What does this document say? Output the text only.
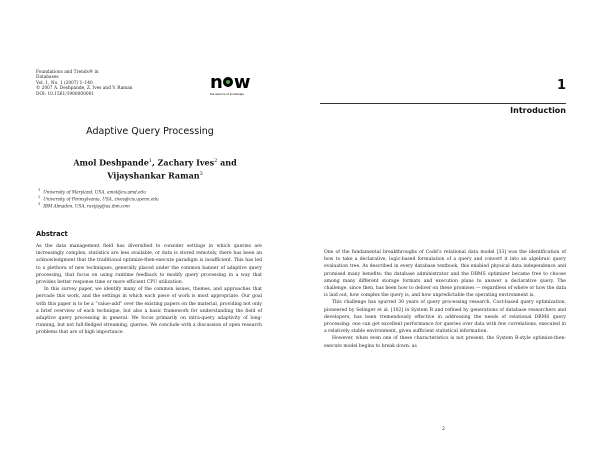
Foundations and Trends® in
Databases
Vol. 1, No. 1 (2007) 1–140
© 2007 A. Deshpande, Z. Ives and V. Raman
DOI: 10.1561/1900000001
n w
the essence of knowledge
Adaptive Query Processing
Amol Deshpande$^1$, Zachary Ives$^2$ and
Vijayshankar Raman$^3$
$^1$ University of Maryland, USA, amol@cs.umd.edu
$^2$ University of Pennsylvania, USA, zives@cis.upenn.edu
$^3$ IBM Almaden, USA, ravijay@us.ibm.com
Abstract

As the data management field has diversified to consider settings in which queries are increasingly complex, statistics are less available, or data is stored remotely, there has been an acknowledgment that the traditional optimize-then-execute paradigm is insufficient. This has led to a plethora of new techniques, generally placed under the common banner of adaptive query processing, that focus on using runtime feedback to modify query processing in a way that provides better response time or more efficient CPU utilization.

In this survey paper, we identify many of the common issues, themes, and approaches that pervade this work, and the settings in which each piece of work is most appropriate. Our goal with this paper is to be a “value-add” over the existing papers on the material, providing not only a brief overview of each technique, but also a basic framework for understanding the field of adaptive query processing in general. We focus primarily on intra-query adaptivity of long-running, but not full-fledged streaming, queries. We conclude with a discussion of open research problems that are of high importance.

1
Introduction

One of the fundamental breakthroughs of Codd’s relational data model [33] was the identification of how to take a declarative, logic-based formulation of a query and convert it into an algebraic query evaluation tree. As described in every database textbook, this enabled physical data independence and promised many benefits: the database administrator and the DBMS optimizer became free to choose among many different storage formats and execution plans to answer a declarative query. The challenge, since then, has been how to deliver on these promises — regardless of where or how the data is laid out, how complex the query is, and how unpredictable the operating environment is.

This challenge has spurred 30 years of query processing research. Cost-based query optimization, pioneered by Selinger et al. [102] in System R and refined by generations of database researchers and developers, has been tremendously effective in addressing the needs of relational DBMS query processing: one can get excellent performance for queries over data with few correlations, executed in a relatively stable environment, given sufficient statistical information.

However, when even one of these characteristics is not present, the System R-style optimize-then-execute model begins to break down: as

2
